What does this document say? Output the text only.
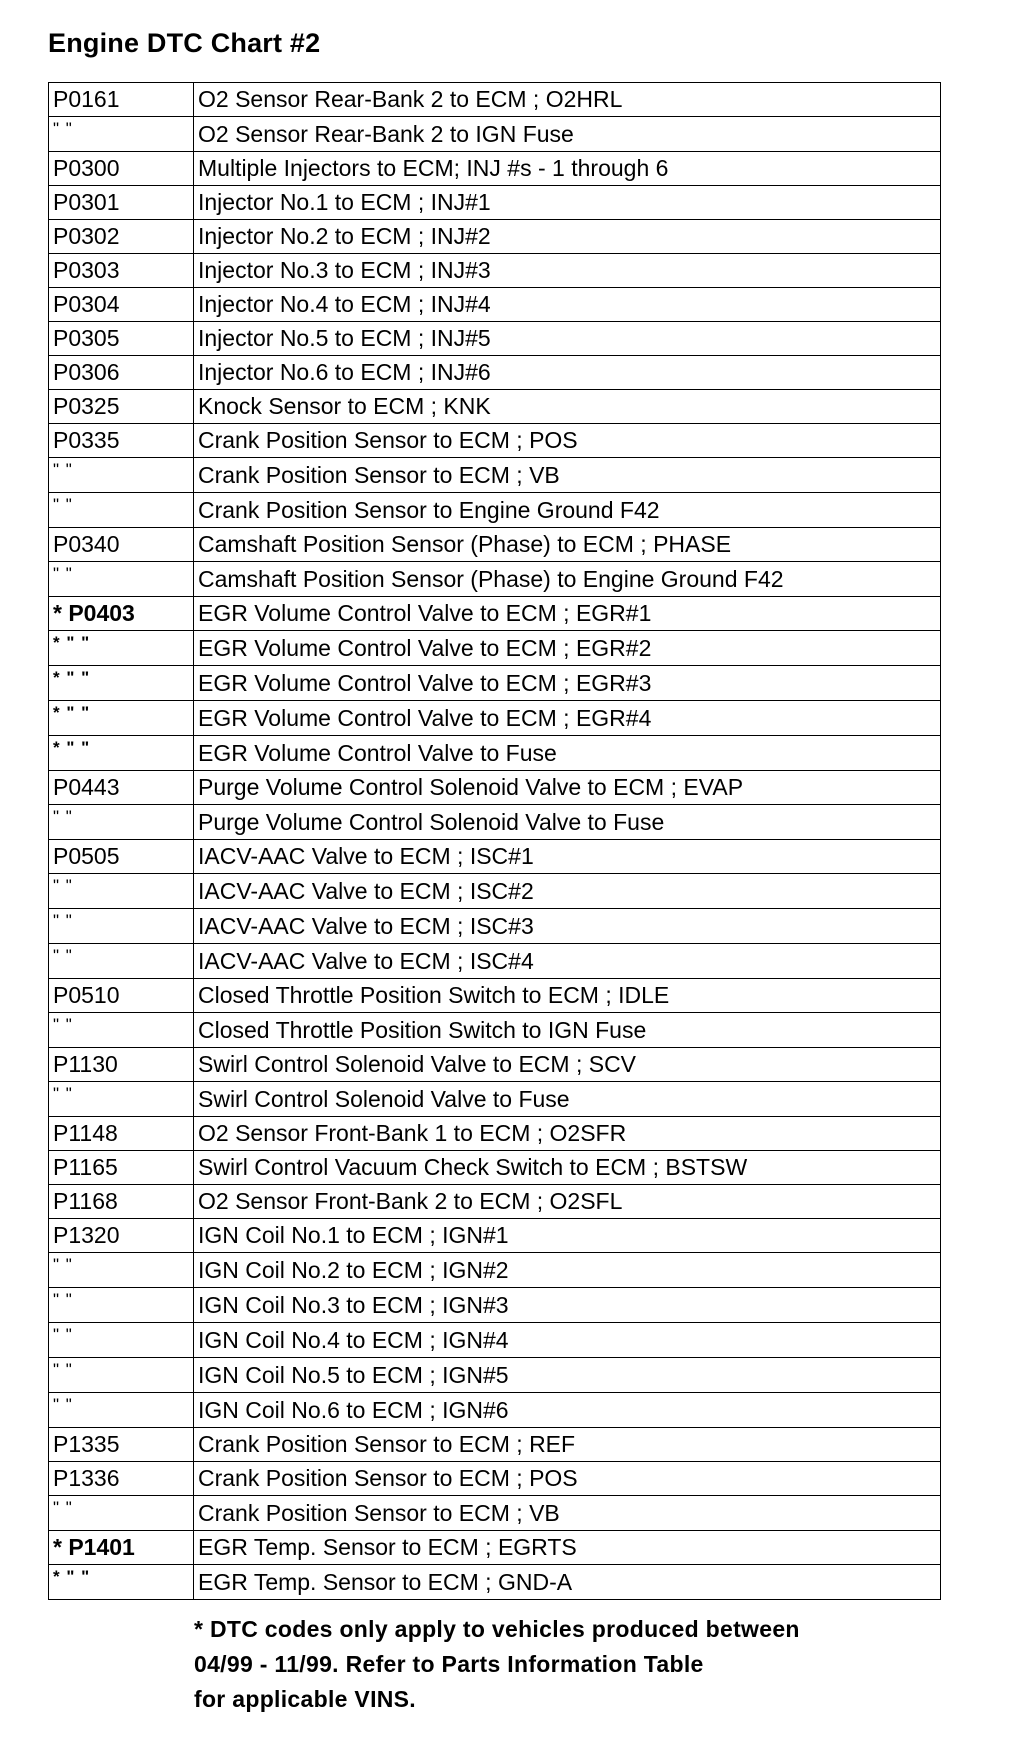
Engine DTC Chart #2
P0161	O2 Sensor Rear-Bank 2 to ECM ; O2HRL
" "	O2 Sensor Rear-Bank 2 to IGN Fuse
P0300	Multiple Injectors to ECM; INJ #s - 1 through 6
P0301	Injector No.1 to ECM ; INJ#1
P0302	Injector No.2 to ECM ; INJ#2
P0303	Injector No.3 to ECM ; INJ#3
P0304	Injector No.4 to ECM ; INJ#4
P0305	Injector No.5 to ECM ; INJ#5
P0306	Injector No.6 to ECM ; INJ#6
P0325	Knock Sensor to ECM ; KNK
P0335	Crank Position Sensor to ECM ; POS
" "	Crank Position Sensor to ECM ; VB
" "	Crank Position Sensor to Engine Ground F42
P0340	Camshaft Position Sensor (Phase) to ECM ; PHASE
" "	Camshaft Position Sensor (Phase) to Engine Ground F42
* P0403	EGR Volume Control Valve to ECM ; EGR#1
* " "	EGR Volume Control Valve to ECM ; EGR#2
* " "	EGR Volume Control Valve to ECM ; EGR#3
* " "	EGR Volume Control Valve to ECM ; EGR#4
* " "	EGR Volume Control Valve to Fuse
P0443	Purge Volume Control Solenoid Valve to ECM ; EVAP
" "	Purge Volume Control Solenoid Valve to Fuse
P0505	IACV-AAC Valve to ECM ; ISC#1
" "	IACV-AAC Valve to ECM ; ISC#2
" "	IACV-AAC Valve to ECM ; ISC#3
" "	IACV-AAC Valve to ECM ; ISC#4
P0510	Closed Throttle Position Switch to ECM ; IDLE
" "	Closed Throttle Position Switch to IGN Fuse
P1130	Swirl Control Solenoid Valve to ECM ; SCV
" "	Swirl Control Solenoid Valve to Fuse
P1148	O2 Sensor Front-Bank 1 to ECM ; O2SFR
P1165	Swirl Control Vacuum Check Switch to ECM ; BSTSW
P1168	O2 Sensor Front-Bank 2 to ECM ; O2SFL
P1320	IGN Coil No.1 to ECM ; IGN#1
" "	IGN Coil No.2 to ECM ; IGN#2
" "	IGN Coil No.3 to ECM ; IGN#3
" "	IGN Coil No.4 to ECM ; IGN#4
" "	IGN Coil No.5 to ECM ; IGN#5
" "	IGN Coil No.6 to ECM ; IGN#6
P1335	Crank Position Sensor to ECM ; REF
P1336	Crank Position Sensor to ECM ; POS
" "	Crank Position Sensor to ECM ; VB
* P1401	EGR Temp. Sensor to ECM ; EGRTS
* " "	EGR Temp. Sensor to ECM ; GND-A
* DTC codes only apply to vehicles produced between
04/99 - 11/99. Refer to Parts Information Table
for applicable VINS.
